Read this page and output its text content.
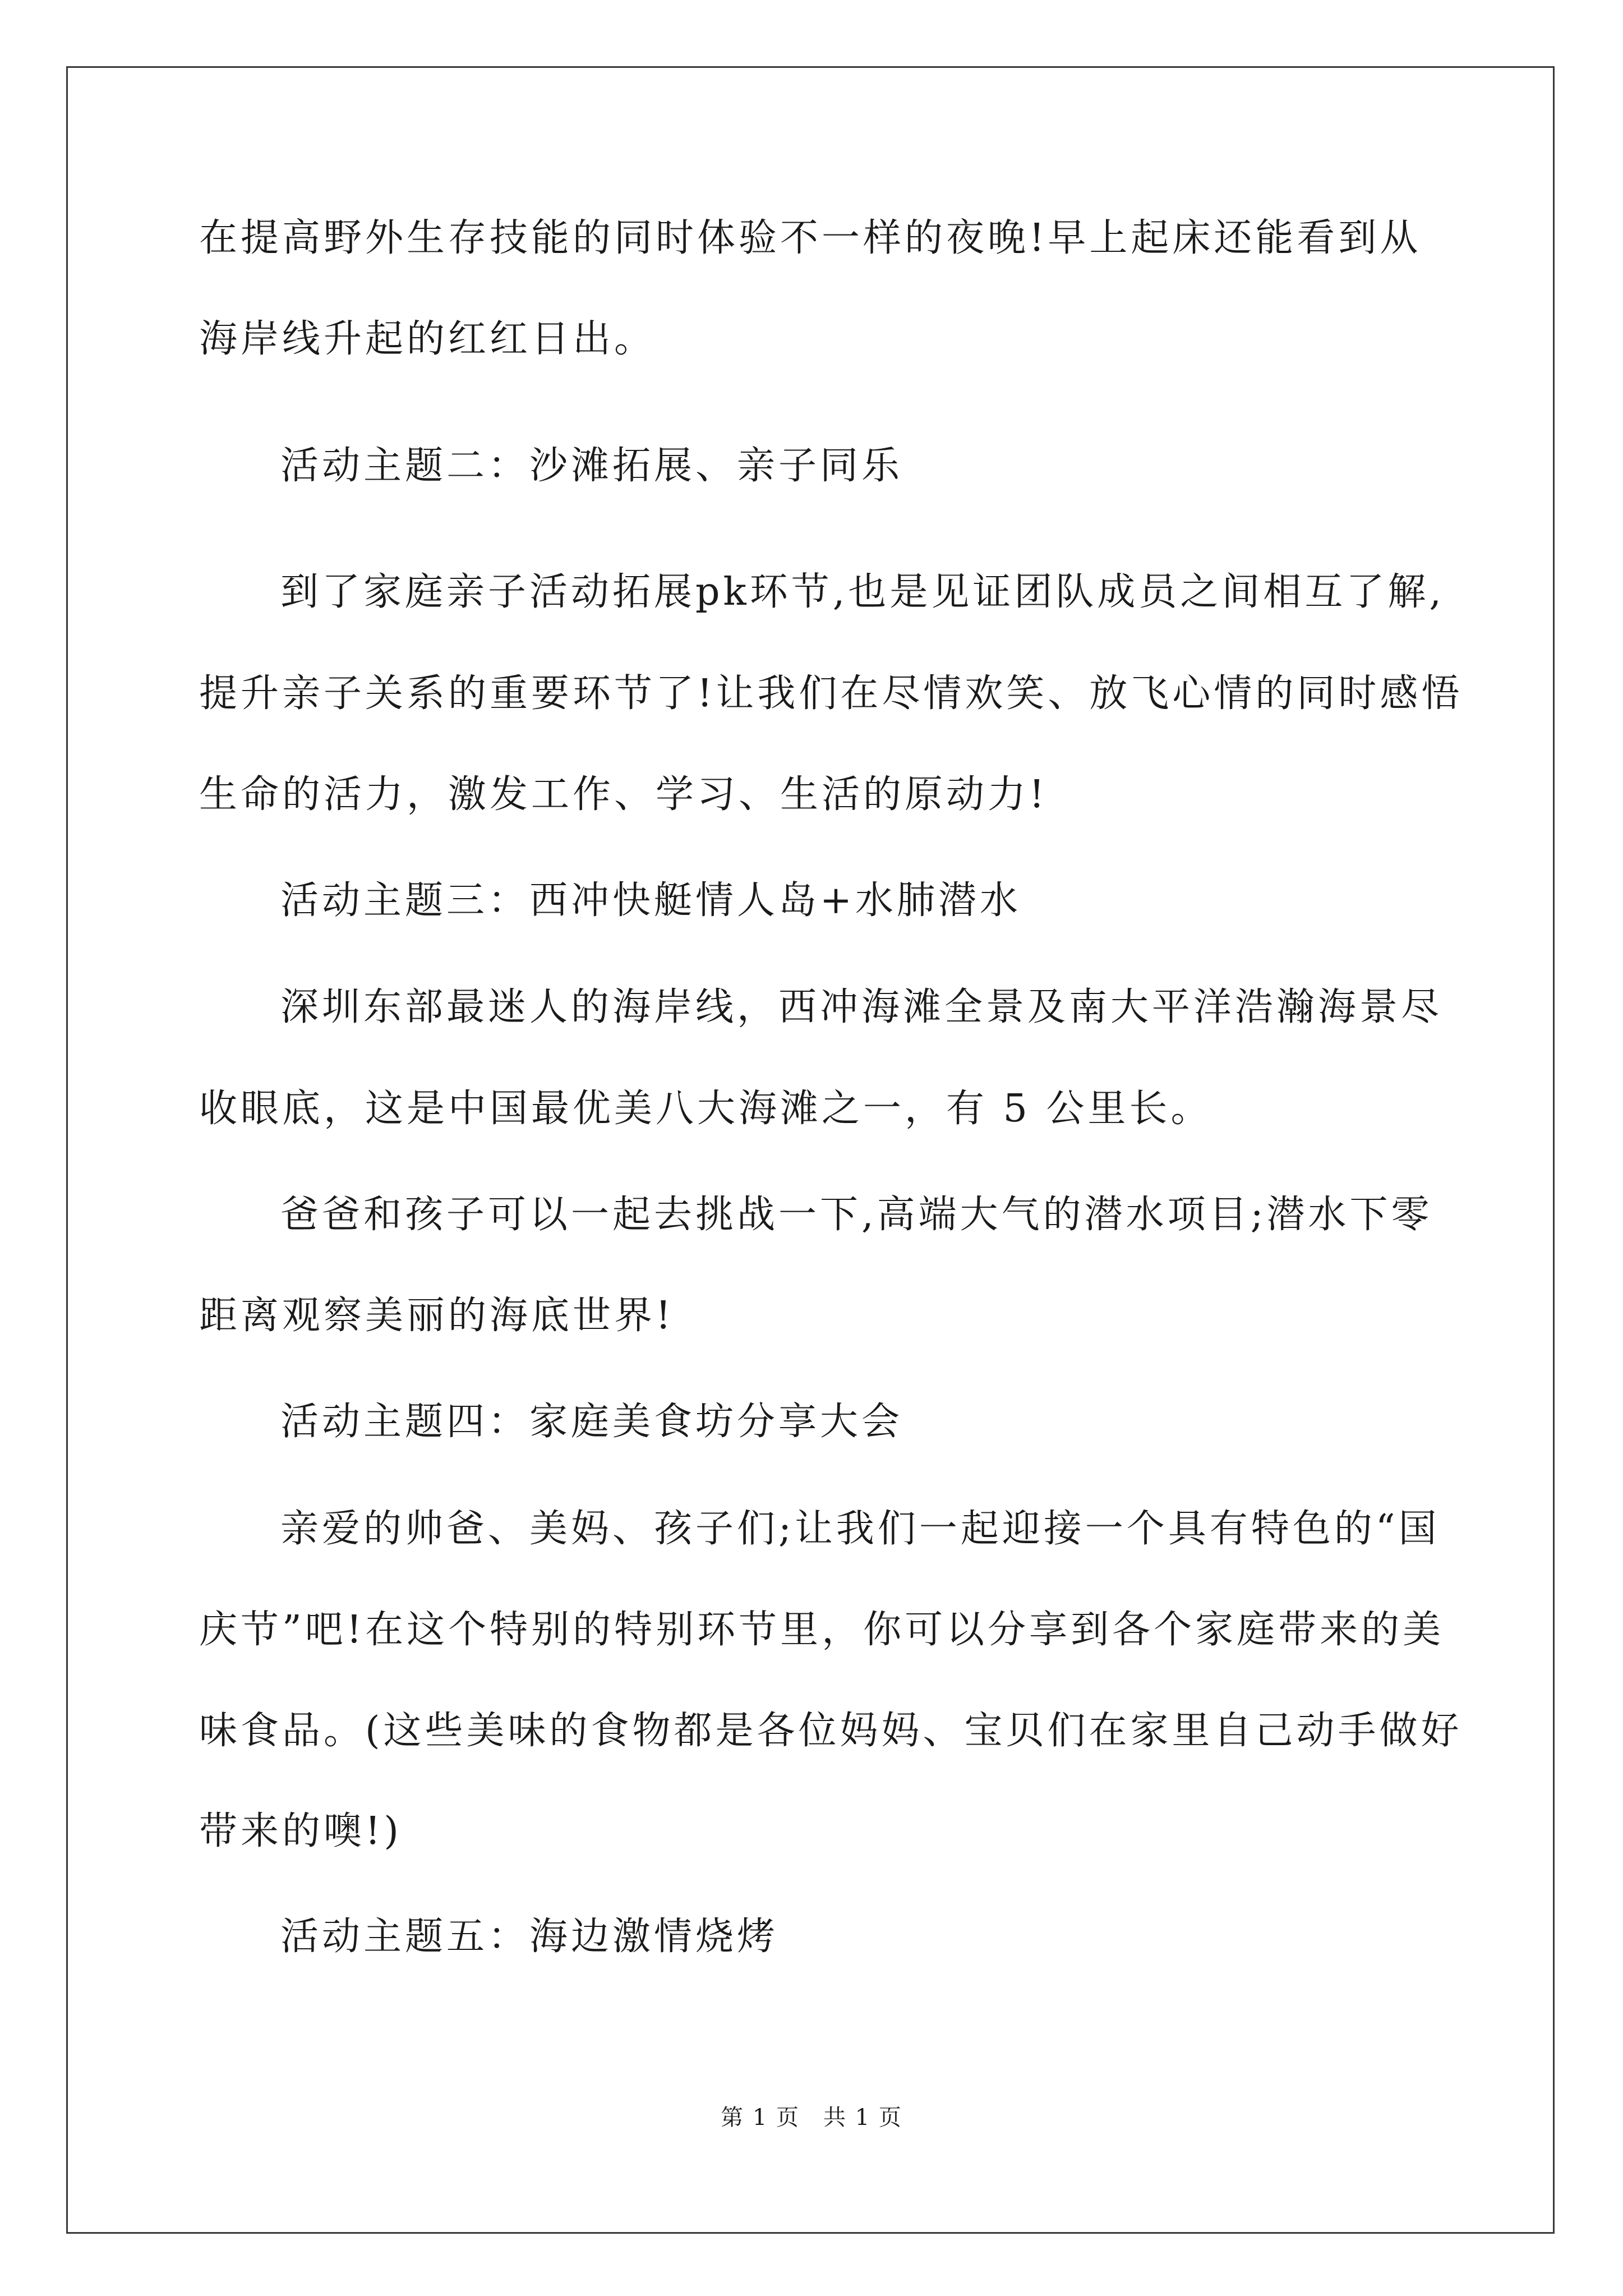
在提高野外生存技能的同时体验不一样的夜晚!早上起床还能看到从
海岸线升起的红红日出。
活动主题二：沙滩拓展、亲子同乐
到了家庭亲子活动拓展pk环节,也是见证团队成员之间相互了解,
提升亲子关系的重要环节了!让我们在尽情欢笑、放飞心情的同时感悟
生命的活力，激发工作、学习、生活的原动力!
活动主题三：西冲快艇情人岛+水肺潜水
深圳东部最迷人的海岸线，西冲海滩全景及南大平洋浩瀚海景尽
收眼底，这是中国最优美八大海滩之一，有 5 公里长。
爸爸和孩子可以一起去挑战一下,高端大气的潜水项目;潜水下零
距离观察美丽的海底世界!
活动主题四：家庭美食坊分享大会
亲爱的帅爸、美妈、孩子们;让我们一起迎接一个具有特色的“国
庆节”吧!在这个特别的特别环节里，你可以分享到各个家庭带来的美
味食品。(这些美味的食物都是各位妈妈、宝贝们在家里自己动手做好
带来的噢!)
活动主题五：海边激情烧烤
第 1 页　共 1 页
